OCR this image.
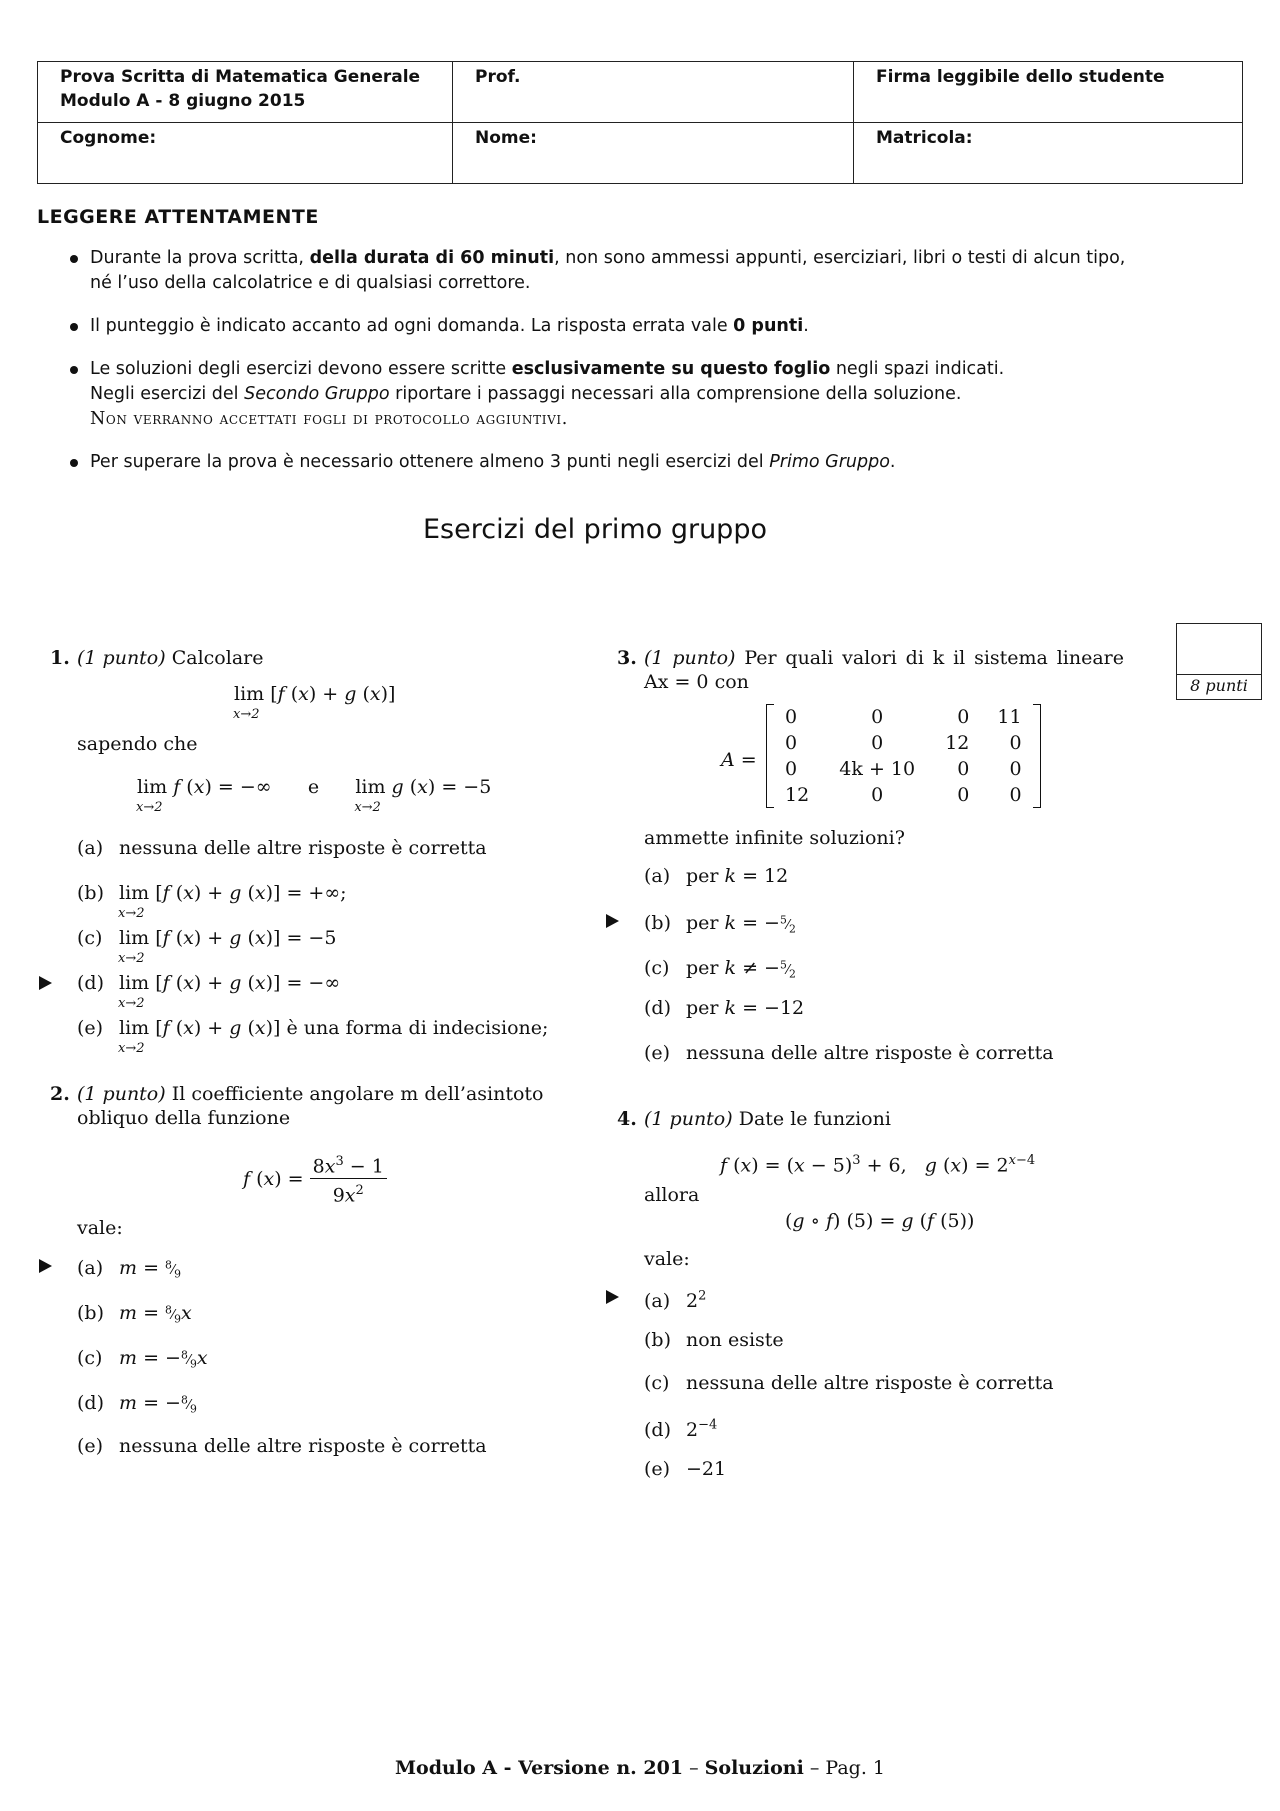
Prova Scritta di Matematica Generale
Modulo A - 8 giugno 2015	Prof.	Firma leggibile dello studente

Cognome:	Nome:	Matricola:
LEGGERE ATTENTAMENTE
Durante la prova scritta, della durata di 60 minuti, non sono ammessi appunti, eserciziari, libri o testi di alcun tipo,
né l’uso della calcolatrice e di qualsiasi correttore.
Il punteggio è indicato accanto ad ogni domanda. La risposta errata vale 0 punti.
Le soluzioni degli esercizi devono essere scritte esclusivamente su questo foglio negli spazi indicati.
Negli esercizi del Secondo Gruppo riportare i passaggi necessari alla comprensione della soluzione.
Non verranno accettati fogli di protocollo aggiuntivi.
Per superare la prova è necessario ottenere almeno 3 punti negli esercizi del Primo Gruppo.
Esercizi del primo gruppo
8 punti
1. (1 punto) Calcolare
lim
x→2
[f (x) + g (x)]
sapendo che
lim
x→2
f (x) = −∞      e      lim
x→2
g (x) = −5
(a) nessuna delle altre risposte è corretta
(b) lim
x→2
[f (x) + g (x)] = +∞;
(c) lim
x→2
[f (x) + g (x)] = −5
(d) lim
x→2
[f (x) + g (x)] = −∞
(e) lim
x→2
[f (x) + g (x)] è una forma di indecisione;
2. (1 punto) Il coefficiente angolare m dell’asintoto
obliquo della funzione
f $(x) = \frac{8x^3 - 1}{9x^2}$
vale:
(a) $m = ^8⁄_9$
(b) $m = ^8⁄_9x$
(c) $m = -^8⁄_9x$
(d) $m = -^8⁄_9$
(e) nessuna delle altre risposte è corretta
3. (1 punto) Per quali valori di k il sistema lineare
Ax = 0 con
A =
0	0	0	11
0	0	12	0
0	4k + 10	0	0
12	0	0	0
ammette infinite soluzioni?
(a) per k = 12
(b) per $k = -^5⁄_2$
(c) per $k \ne -^5⁄_2$
(d) per k = −12
(e) nessuna delle altre risposte è corretta
4. (1 punto) Date le funzioni
f $(x) = (x - 5)^3 + 6$,   g $(x) = 2^{x-4}$
allora
(g ∘ f) (5) = g (f (5))
vale:
(a) $2^2$
(b) non esiste
(c) nessuna delle altre risposte è corretta
(d) $2^{-4}$
(e) −21
Modulo A - Versione n. 201 – Soluzioni – Pag. 1
